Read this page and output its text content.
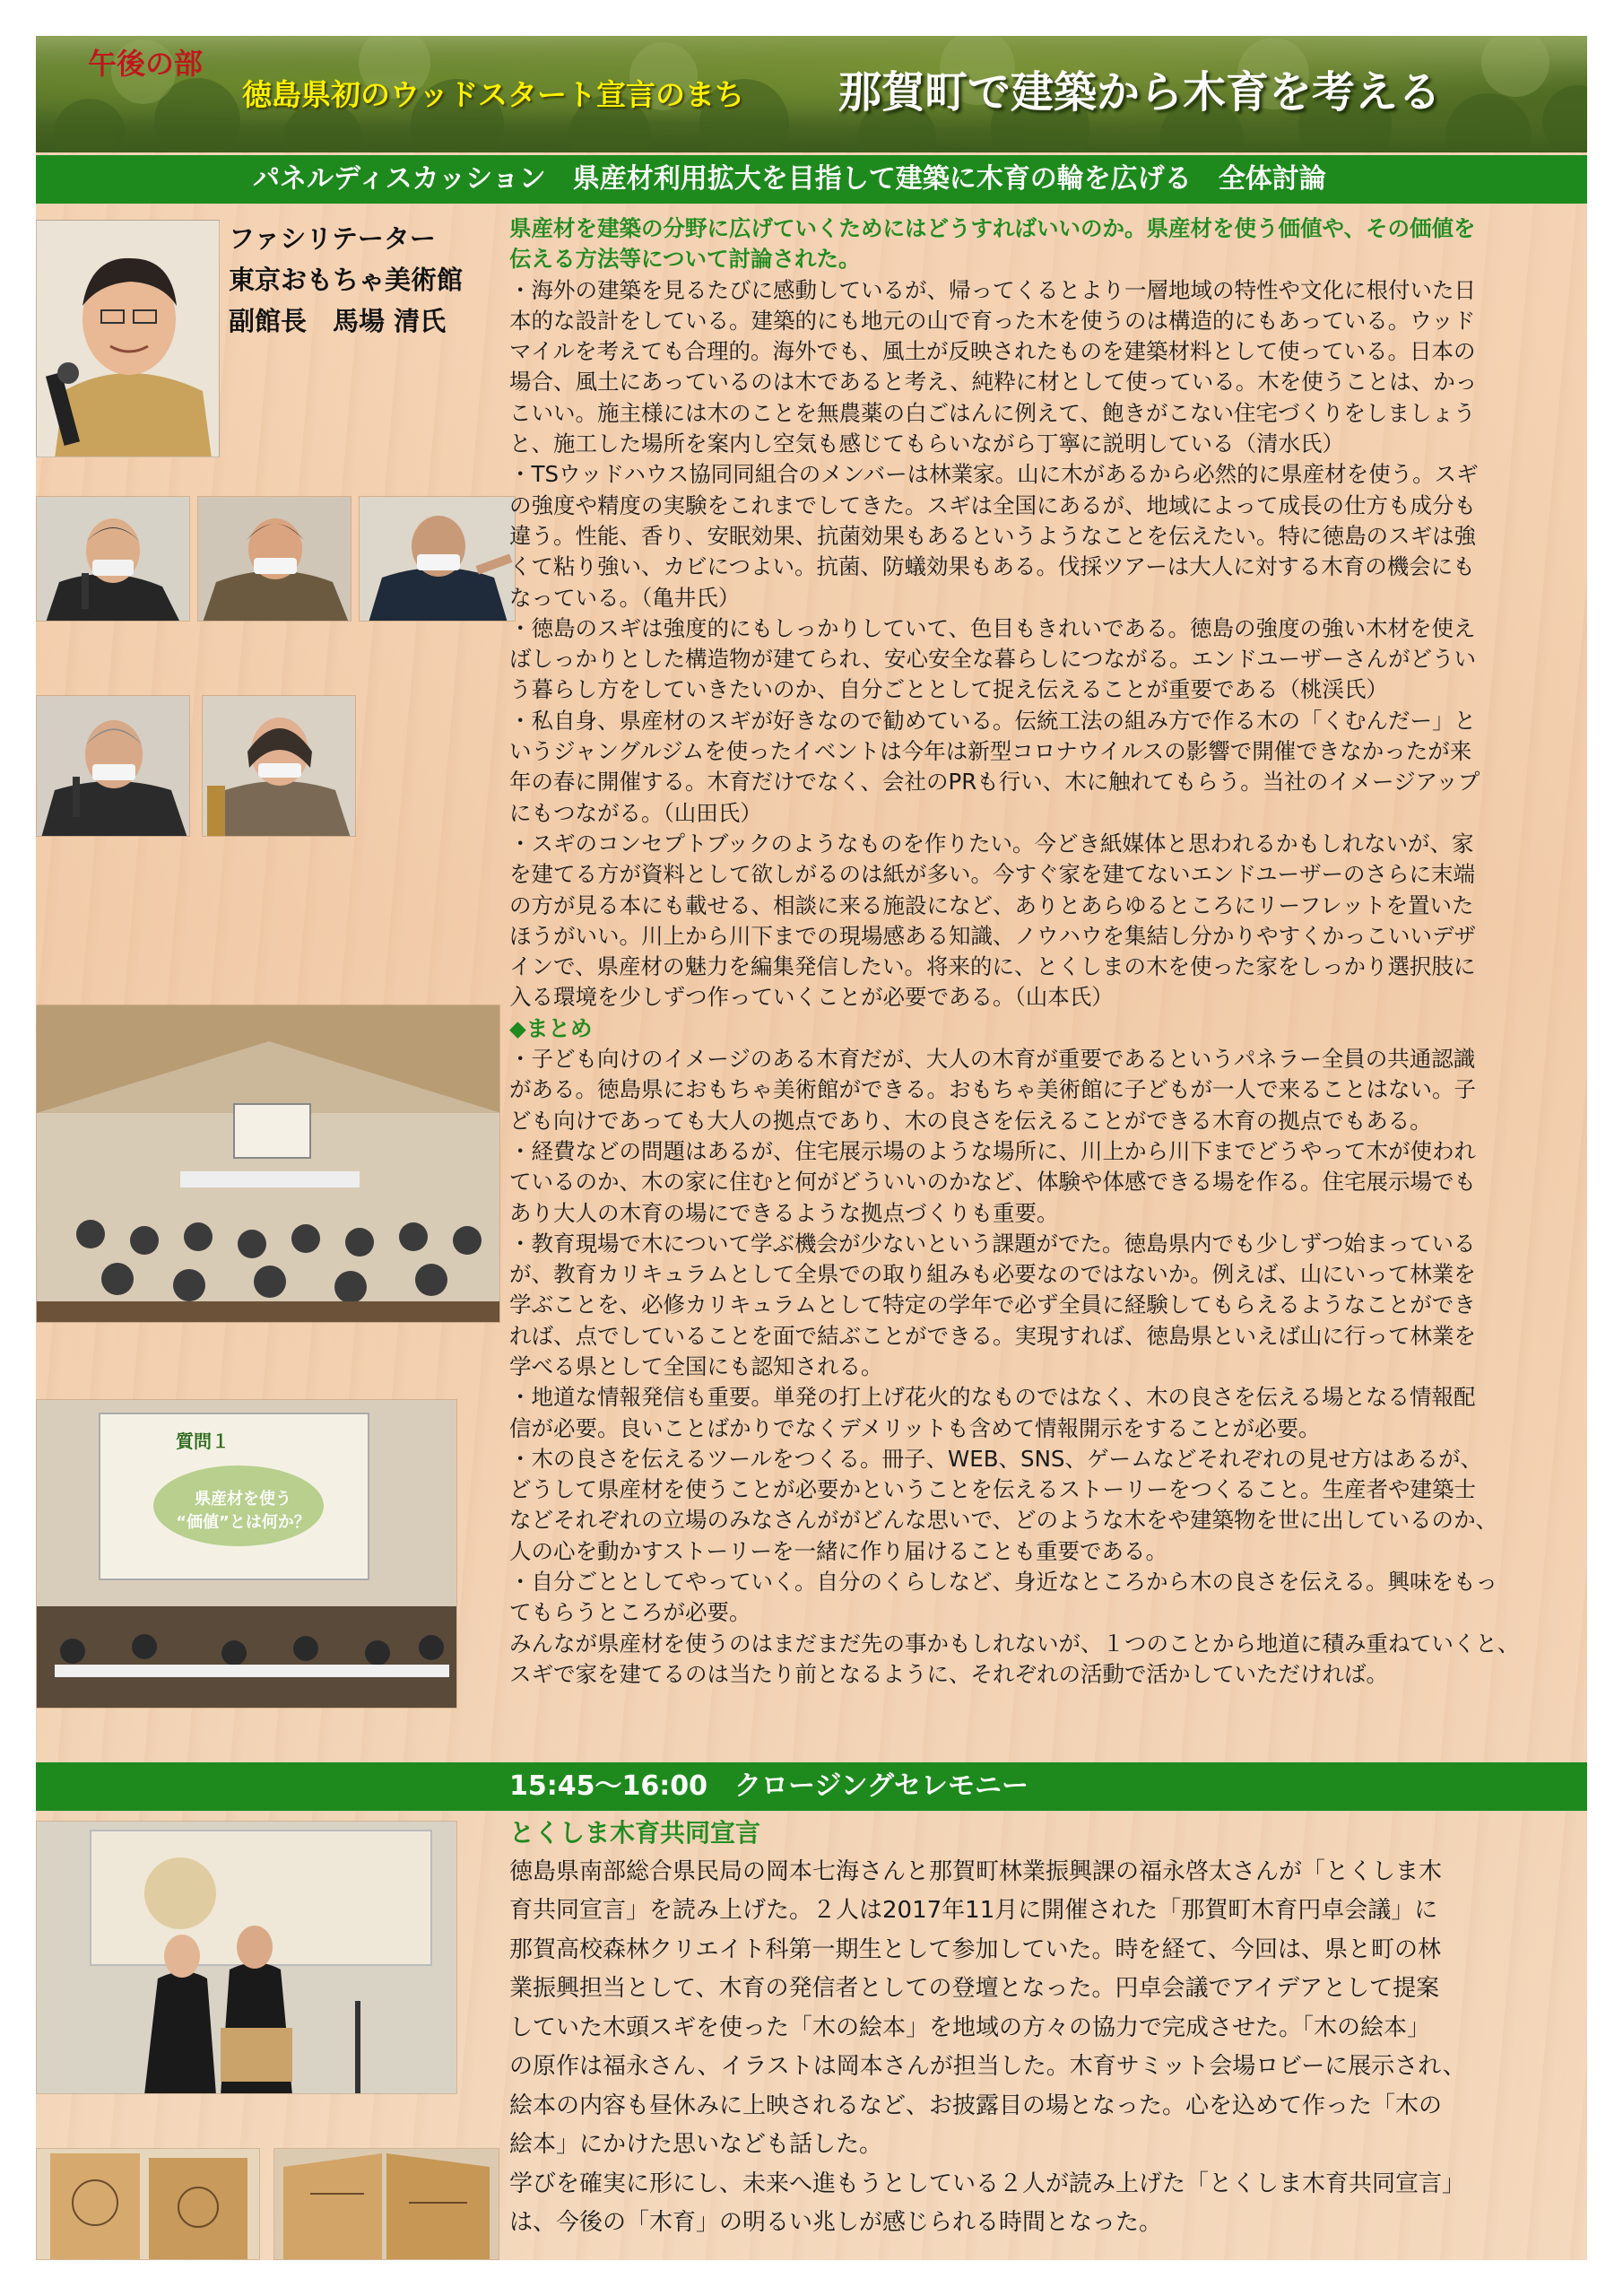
午後の部
徳島県初のウッドスタート宣言のまち 那賀町で建築から木育を考える
パネルディスカッション　県産材利用拡大を目指して建築に木育の輪を広げる　全体討論
ファシリテーター
東京おもちゃ美術館
副館長　馬場 清氏
質問１
県産材を使う
“価値”とは何か？
県産材を建築の分野に広げていくためにはどうすればいいのか。県産材を使う価値や、その価値を
伝える方法等について討論された。
・海外の建築を見るたびに感動しているが、帰ってくるとより一層地域の特性や文化に根付いた日
本的な設計をしている。建築的にも地元の山で育った木を使うのは構造的にもあっている。ウッド
マイルを考えても合理的。海外でも、風土が反映されたものを建築材料として使っている。日本の
場合、風土にあっているのは木であると考え、純粋に材として使っている。木を使うことは、かっ
こいい。施主様には木のことを無農薬の白ごはんに例えて、飽きがこない住宅づくりをしましょう
と、施工した場所を案内し空気も感じてもらいながら丁寧に説明している（清水氏）
・TSウッドハウス協同同組合のメンバーは林業家。山に木があるから必然的に県産材を使う。スギ
の強度や精度の実験をこれまでしてきた。スギは全国にあるが、地域によって成長の仕方も成分も
違う。性能、香り、安眠効果、抗菌効果もあるというようなことを伝えたい。特に徳島のスギは強
くて粘り強い、カビにつよい。抗菌、防蟻効果もある。伐採ツアーは大人に対する木育の機会にも
なっている。（亀井氏）
・徳島のスギは強度的にもしっかりしていて、色目もきれいである。徳島の強度の強い木材を使え
ばしっかりとした構造物が建てられ、安心安全な暮らしにつながる。エンドユーザーさんがどうい
う暮らし方をしていきたいのか、自分ごととして捉え伝えることが重要である（桃渓氏）
・私自身、県産材のスギが好きなので勧めている。伝統工法の組み方で作る木の「くむんだー」と
いうジャングルジムを使ったイベントは今年は新型コロナウイルスの影響で開催できなかったが来
年の春に開催する。木育だけでなく、会社のPRも行い、木に触れてもらう。当社のイメージアップ
にもつながる。（山田氏）
・スギのコンセプトブックのようなものを作りたい。今どき紙媒体と思われるかもしれないが、家
を建てる方が資料として欲しがるのは紙が多い。今すぐ家を建てないエンドユーザーのさらに末端
の方が見る本にも載せる、相談に来る施設になど、ありとあらゆるところにリーフレットを置いた
ほうがいい。川上から川下までの現場感ある知識、ノウハウを集結し分かりやすくかっこいいデザ
インで、県産材の魅力を編集発信したい。将来的に、とくしまの木を使った家をしっかり選択肢に
入る環境を少しずつ作っていくことが必要である。（山本氏）
◆まとめ
・子ども向けのイメージのある木育だが、大人の木育が重要であるというパネラー全員の共通認識
がある。徳島県におもちゃ美術館ができる。おもちゃ美術館に子どもが一人で来ることはない。子
ども向けであっても大人の拠点であり、木の良さを伝えることができる木育の拠点でもある。
・経費などの問題はあるが、住宅展示場のような場所に、川上から川下までどうやって木が使われ
ているのか、木の家に住むと何がどういいのかなど、体験や体感できる場を作る。住宅展示場でも
あり大人の木育の場にできるような拠点づくりも重要。
・教育現場で木について学ぶ機会が少ないという課題がでた。徳島県内でも少しずつ始まっている
が、教育カリキュラムとして全県での取り組みも必要なのではないか。例えば、山にいって林業を
学ぶことを、必修カリキュラムとして特定の学年で必ず全員に経験してもらえるようなことができ
れば、点でしていることを面で結ぶことができる。実現すれば、徳島県といえば山に行って林業を
学べる県として全国にも認知される。
・地道な情報発信も重要。単発の打上げ花火的なものではなく、木の良さを伝える場となる情報配
信が必要。良いことばかりでなくデメリットも含めて情報開示をすることが必要。
・木の良さを伝えるツールをつくる。冊子、WEB、SNS、ゲームなどそれぞれの見せ方はあるが、
どうして県産材を使うことが必要かということを伝えるストーリーをつくること。生産者や建築士
などそれぞれの立場のみなさんががどんな思いで、どのような木をや建築物を世に出しているのか、
人の心を動かすストーリーを一緒に作り届けることも重要である。
・自分ごととしてやっていく。自分のくらしなど、身近なところから木の良さを伝える。興味をもっ
てもらうところが必要。
みんなが県産材を使うのはまだまだ先の事かもしれないが、１つのことから地道に積み重ねていくと、
スギで家を建てるのは当たり前となるように、それぞれの活動で活かしていただければ。
15:45～16:00　クロージングセレモニー
とくしま木育共同宣言
徳島県南部総合県民局の岡本七海さんと那賀町林業振興課の福永啓太さんが「とくしま木
育共同宣言」を読み上げた。２人は2017年11月に開催された「那賀町木育円卓会議」に
那賀高校森林クリエイト科第一期生として参加していた。時を経て、今回は、県と町の林
業振興担当として、木育の発信者としての登壇となった。円卓会議でアイデアとして提案
していた木頭スギを使った「木の絵本」を地域の方々の協力で完成させた。「木の絵本」
の原作は福永さん、イラストは岡本さんが担当した。木育サミット会場ロビーに展示され、
絵本の内容も昼休みに上映されるなど、お披露目の場となった。心を込めて作った「木の
絵本」にかけた思いなども話した。
学びを確実に形にし、未来へ進もうとしている２人が読み上げた「とくしま木育共同宣言」
は、今後の「木育」の明るい兆しが感じられる時間となった。
